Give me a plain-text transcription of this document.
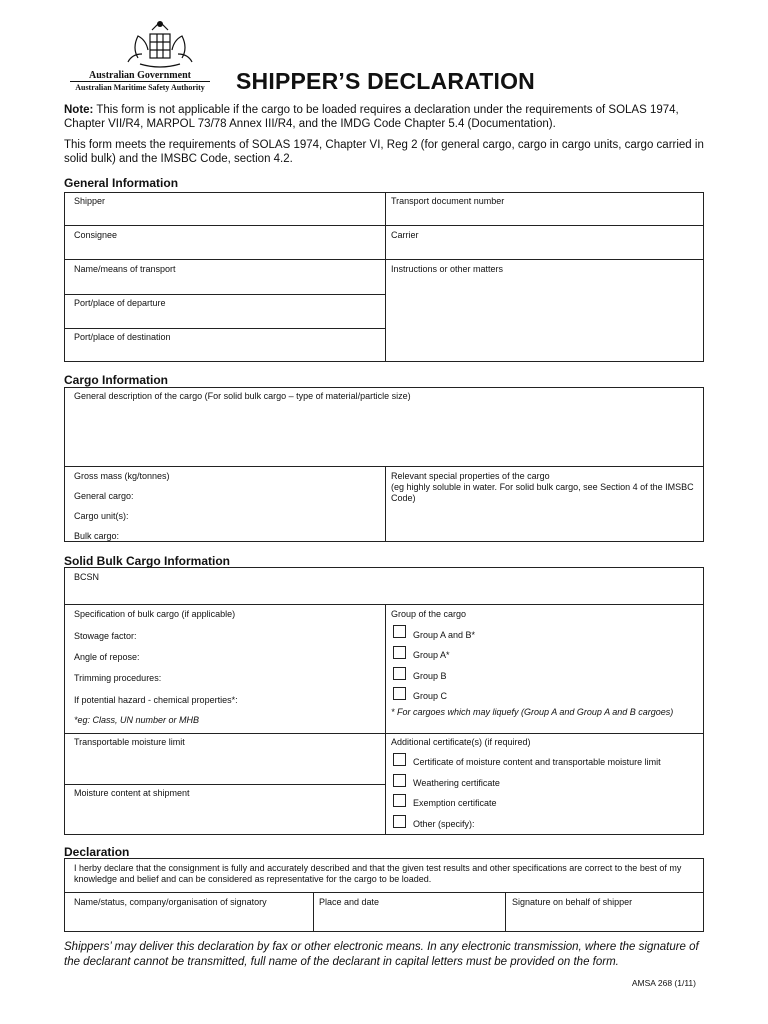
Australian Government
Australian Maritime Safety Authority SHIPPER’S DECLARATION
Note: This form is not applicable if the cargo to be loaded requires a declaration under the requirements of SOLAS 1974, Chapter VII/R4, MARPOL 73/78 Annex III/R4, and the IMDG Code Chapter 5.4 (Documentation).
This form meets the requirements of SOLAS 1974, Chapter VI, Reg 2 (for general cargo, cargo in cargo units, cargo carried in solid bulk) and the IMSBC Code, section 4.2.
General Information
Shipper	Transport document number
Consignee	Carrier
Name/means of transport	Instructions or other matters
Port/place of departure
Port/place of destination
Cargo Information
General description of the cargo (For solid bulk cargo – type of material/particle size)
Gross mass (kg/tonnes)
General cargo:
Cargo unit(s):
Bulk cargo:
Relevant special properties of the cargo
(eg highly soluble in water. For solid bulk cargo, see Section 4 of the IMSBC Code)
Solid Bulk Cargo Information
BCSN
Specification of bulk cargo (if applicable)
Stowage factor:
Angle of repose:
Trimming procedures:
If potential hazard - chemical properties*:
*eg: Class, UN number or MHB
Group of the cargo
Group A and B*
Group A*
Group B
Group C
* For cargoes which may liquefy (Group A and Group A and B cargoes)
Transportable moisture limit
Moisture content at shipment
Additional certificate(s) (if required)
Certificate of moisture content and transportable moisture limit
Weathering certificate
Exemption certificate
Other (specify):
Declaration
I herby declare that the consignment is fully and accurately described and that the given test results and other specifications are correct to the best of my knowledge and belief and can be considered as representative for the cargo to be loaded.
Name/status, company/organisation of signatory	Place and date	Signature on behalf of shipper
Shippers’ may deliver this declaration by fax or other electronic means. In any electronic transmission, where the signature of the declarant cannot be transmitted, full name of the declarant in capital letters must be provided on the form.
AMSA 268 (1/11)
